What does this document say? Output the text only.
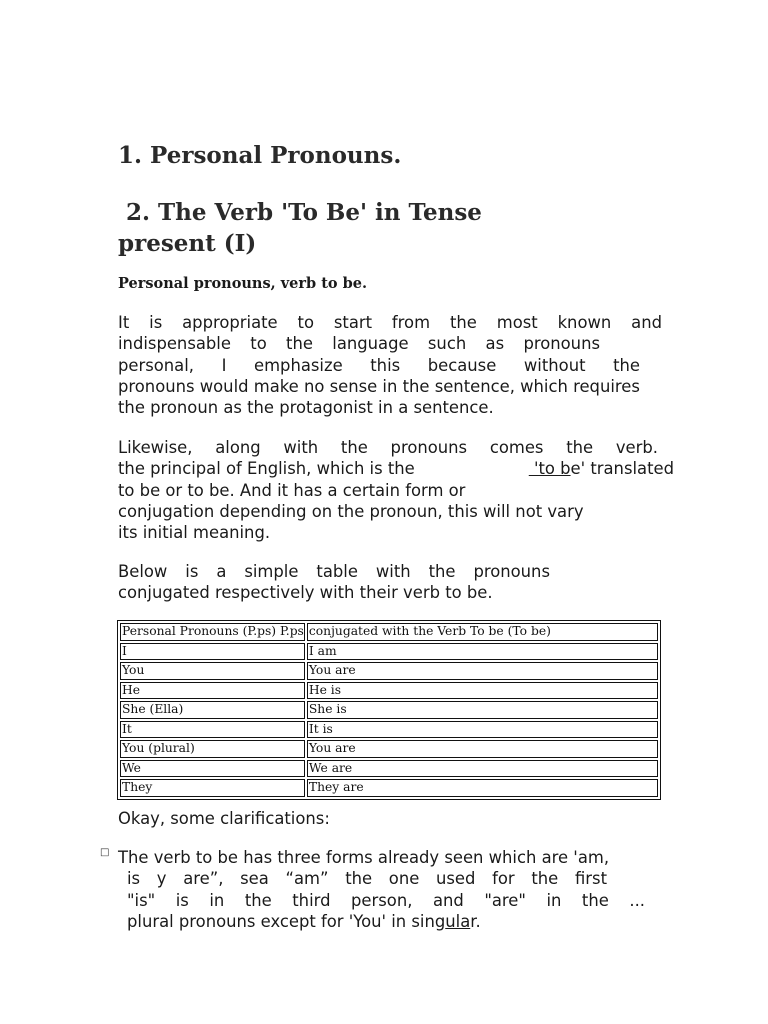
1. Personal Pronouns.
2. The Verb 'To Be' in Tense
present (I)

Personal pronouns, verb to be.

It is appropriate to start from the most known and
indispensable to the language such as pronouns
personal, I emphasize this because without the
pronouns would make no sense in the sentence, which requires
the pronoun as the protagonist in a sentence.
Likewise, along with the pronouns comes the verb.
the principal of English, which is the	'to be' translated
to be or to be. And it has a certain form or
conjugation depending on the pronoun, this will not vary
its initial meaning.
Below is a simple table with the pronouns
conjugated respectively with their verb to be.
Personal Pronouns (P.ps) P.ps	conjugated with the Verb To be (To be)
I	I am
You	You are
He	He is
She (Ella)	She is
It	It is
You (plural)	You are
We	We are
They	They are
Okay, some clarifications:
□ The verb to be has three forms already seen which are 'am,
is y are”, sea “am” the one used for the first
"is" is in the third person, and "are" in the ...
plural pronouns except for 'You' in singular.
